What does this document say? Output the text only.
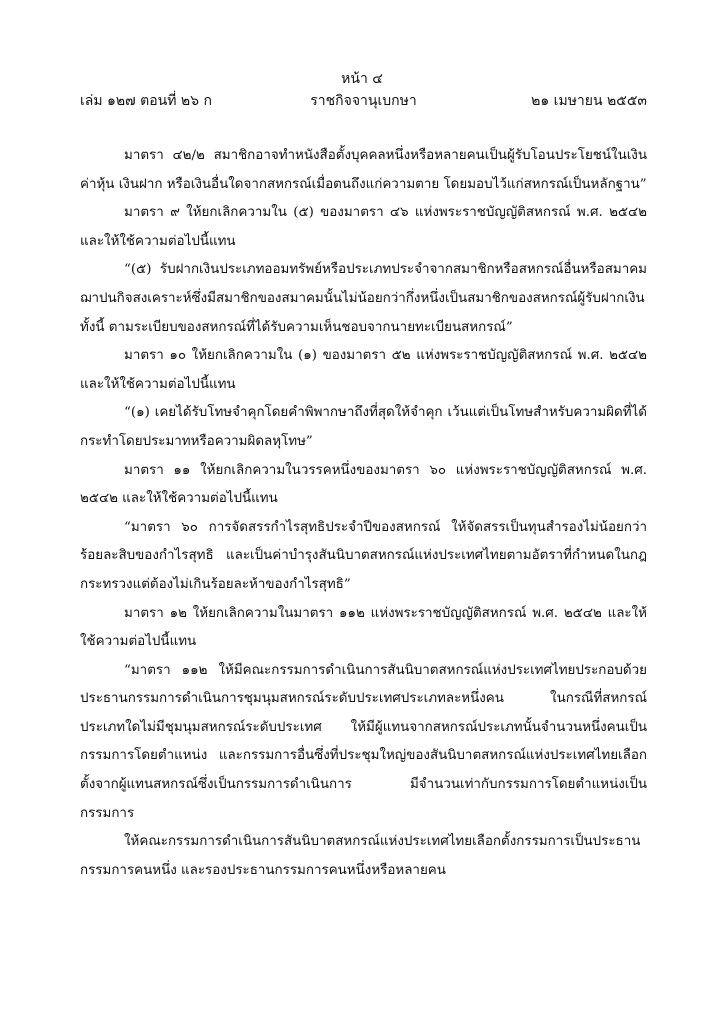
หน้า ๔
ราชกิจจานุเบกษา
เล่ม ๑๒๗ ตอนที่ ๒๖ ก	๒๑ เมษายน ๒๕๕๓

มาตรา ๔๒/๒ สมาชิกอาจทำหนังสือตั้งบุคคลหนึ่งหรือหลายคนเป็นผู้รับโอนประโยชน์ในเงินค่าหุ้น เงินฝาก หรือเงินอื่นใดจากสหกรณ์เมื่อตนถึงแก่ความตาย โดยมอบไว้แก่สหกรณ์เป็นหลักฐาน”

มาตรา ๙ ให้ยกเลิกความใน (๕) ของมาตรา ๔๖ แห่งพระราชบัญญัติสหกรณ์ พ.ศ. ๒๕๔๒ และให้ใช้ความต่อไปนี้แทน

“(๕) รับฝากเงินประเภทออมทรัพย์หรือประเภทประจำจากสมาชิกหรือสหกรณ์อื่นหรือสมาคมฌาปนกิจสงเคราะห์ซึ่งมีสมาชิกของสมาคมนั้นไม่น้อยกว่ากึ่งหนึ่งเป็นสมาชิกของสหกรณ์ผู้รับฝากเงิน ทั้งนี้ ตามระเบียบของสหกรณ์ที่ได้รับความเห็นชอบจากนายทะเบียนสหกรณ์”

มาตรา ๑๐ ให้ยกเลิกความใน (๑) ของมาตรา ๕๒ แห่งพระราชบัญญัติสหกรณ์ พ.ศ. ๒๕๔๒ และให้ใช้ความต่อไปนี้แทน

“(๑) เคยได้รับโทษจำคุกโดยคำพิพากษาถึงที่สุดให้จำคุก เว้นแต่เป็นโทษสำหรับความผิดที่ได้กระทำโดยประมาทหรือความผิดลหุโทษ”

มาตรา ๑๑ ให้ยกเลิกความในวรรคหนึ่งของมาตรา ๖๐ แห่งพระราชบัญญัติสหกรณ์ พ.ศ. ๒๕๔๒ และให้ใช้ความต่อไปนี้แทน

“มาตรา ๖๐ การจัดสรรกำไรสุทธิประจำปีของสหกรณ์ ให้จัดสรรเป็นทุนสำรองไม่น้อยกว่าร้อยละสิบของกำไรสุทธิ และเป็นค่าบำรุงสันนิบาตสหกรณ์แห่งประเทศไทยตามอัตราที่กำหนดในกฎกระทรวงแต่ต้องไม่เกินร้อยละห้าของกำไรสุทธิ”

มาตรา ๑๒ ให้ยกเลิกความในมาตรา ๑๑๒ แห่งพระราชบัญญัติสหกรณ์ พ.ศ. ๒๕๔๒ และให้ใช้ความต่อไปนี้แทน

“มาตรา ๑๑๒ ให้มีคณะกรรมการดำเนินการสันนิบาตสหกรณ์แห่งประเทศไทยประกอบด้วย ประธานกรรมการดำเนินการชุมนุมสหกรณ์ระดับประเทศประเภทละหนึ่งคน ในกรณีที่สหกรณ์ประเภทใดไม่มีชุมนุมสหกรณ์ระดับประเทศ ให้มีผู้แทนจากสหกรณ์ประเภทนั้นจำนวนหนึ่งคนเป็นกรรมการโดยตำแหน่ง และกรรมการอื่นซึ่งที่ประชุมใหญ่ของสันนิบาตสหกรณ์แห่งประเทศไทยเลือกตั้งจากผู้แทนสหกรณ์ซึ่งเป็นกรรมการดำเนินการ มีจำนวนเท่ากับกรรมการโดยตำแหน่งเป็นกรรมการ

ให้คณะกรรมการดำเนินการสันนิบาตสหกรณ์แห่งประเทศไทยเลือกตั้งกรรมการเป็นประธานกรรมการคนหนึ่ง และรองประธานกรรมการคนหนึ่งหรือหลายคน
